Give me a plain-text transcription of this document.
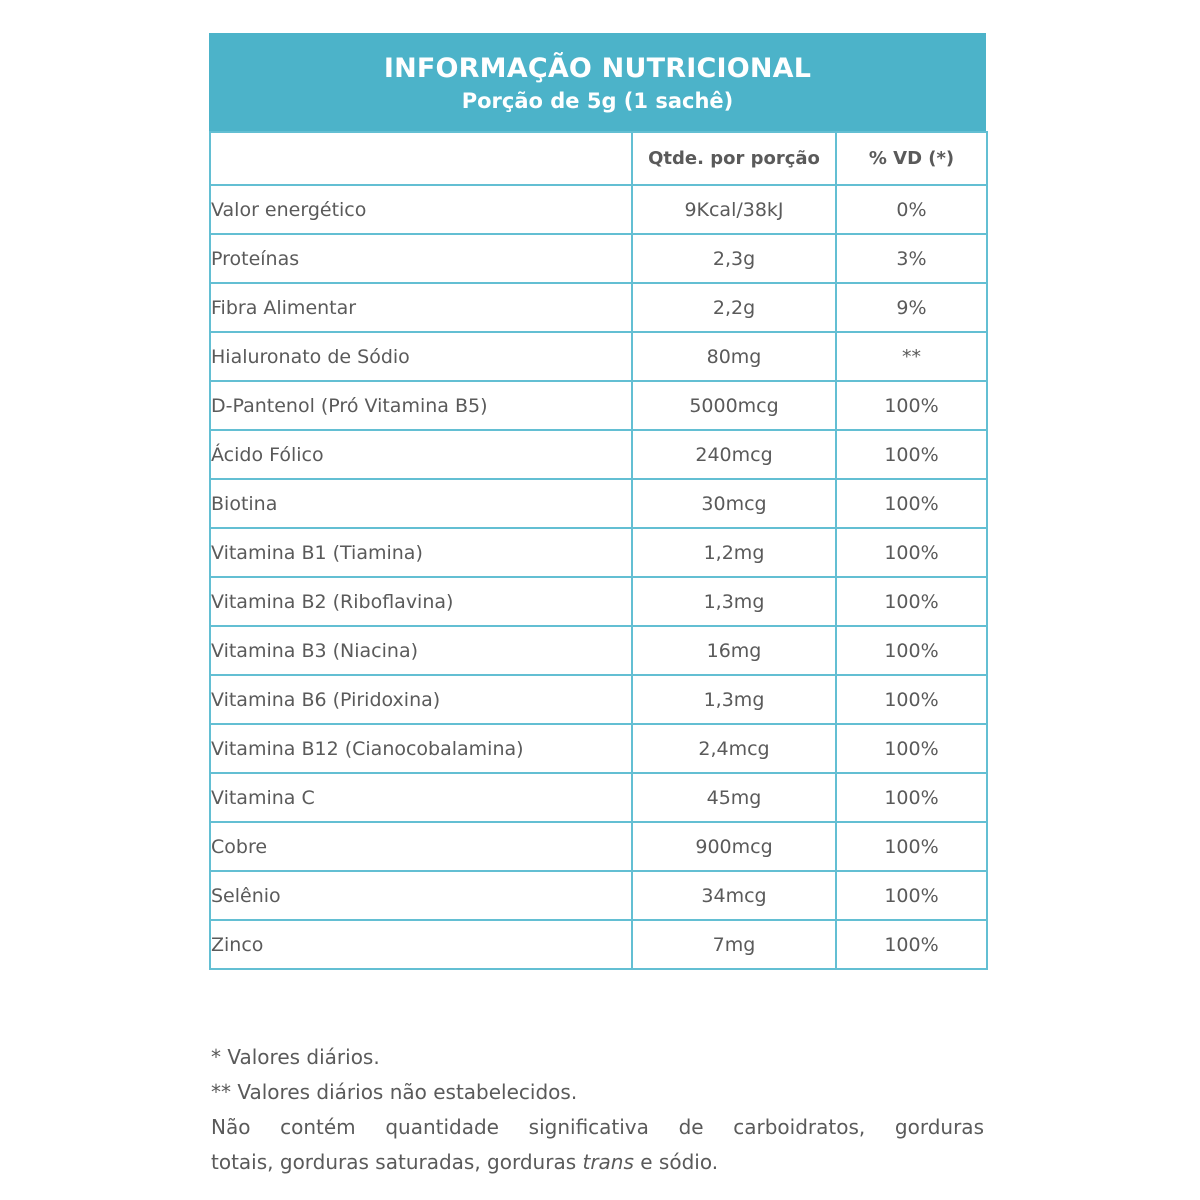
INFORMAÇÃO NUTRICIONAL
Porção de 5g (1 sachê)
	Qtde. por porção	% VD (*)
Valor energético	9Kcal/38kJ	0%
Proteínas	2,3g	3%
Fibra Alimentar	2,2g	9%
Hialuronato de Sódio	80mg	**
D-Pantenol (Pró Vitamina B5)	5000mcg	100%
Ácido Fólico	240mcg	100%
Biotina	30mcg	100%
Vitamina B1 (Tiamina)	1,2mg	100%
Vitamina B2 (Riboflavina)	1,3mg	100%
Vitamina B3 (Niacina)	16mg	100%
Vitamina B6 (Piridoxina)	1,3mg	100%
Vitamina B12 (Cianocobalamina)	2,4mcg	100%
Vitamina C	45mg	100%
Cobre	900mcg	100%
Selênio	34mcg	100%
Zinco	7mg	100%
* Valores diários.
** Valores diários não estabelecidos.
Não contém quantidade significativa de carboidratos, gorduras
totais, gorduras saturadas, gorduras trans e sódio.
